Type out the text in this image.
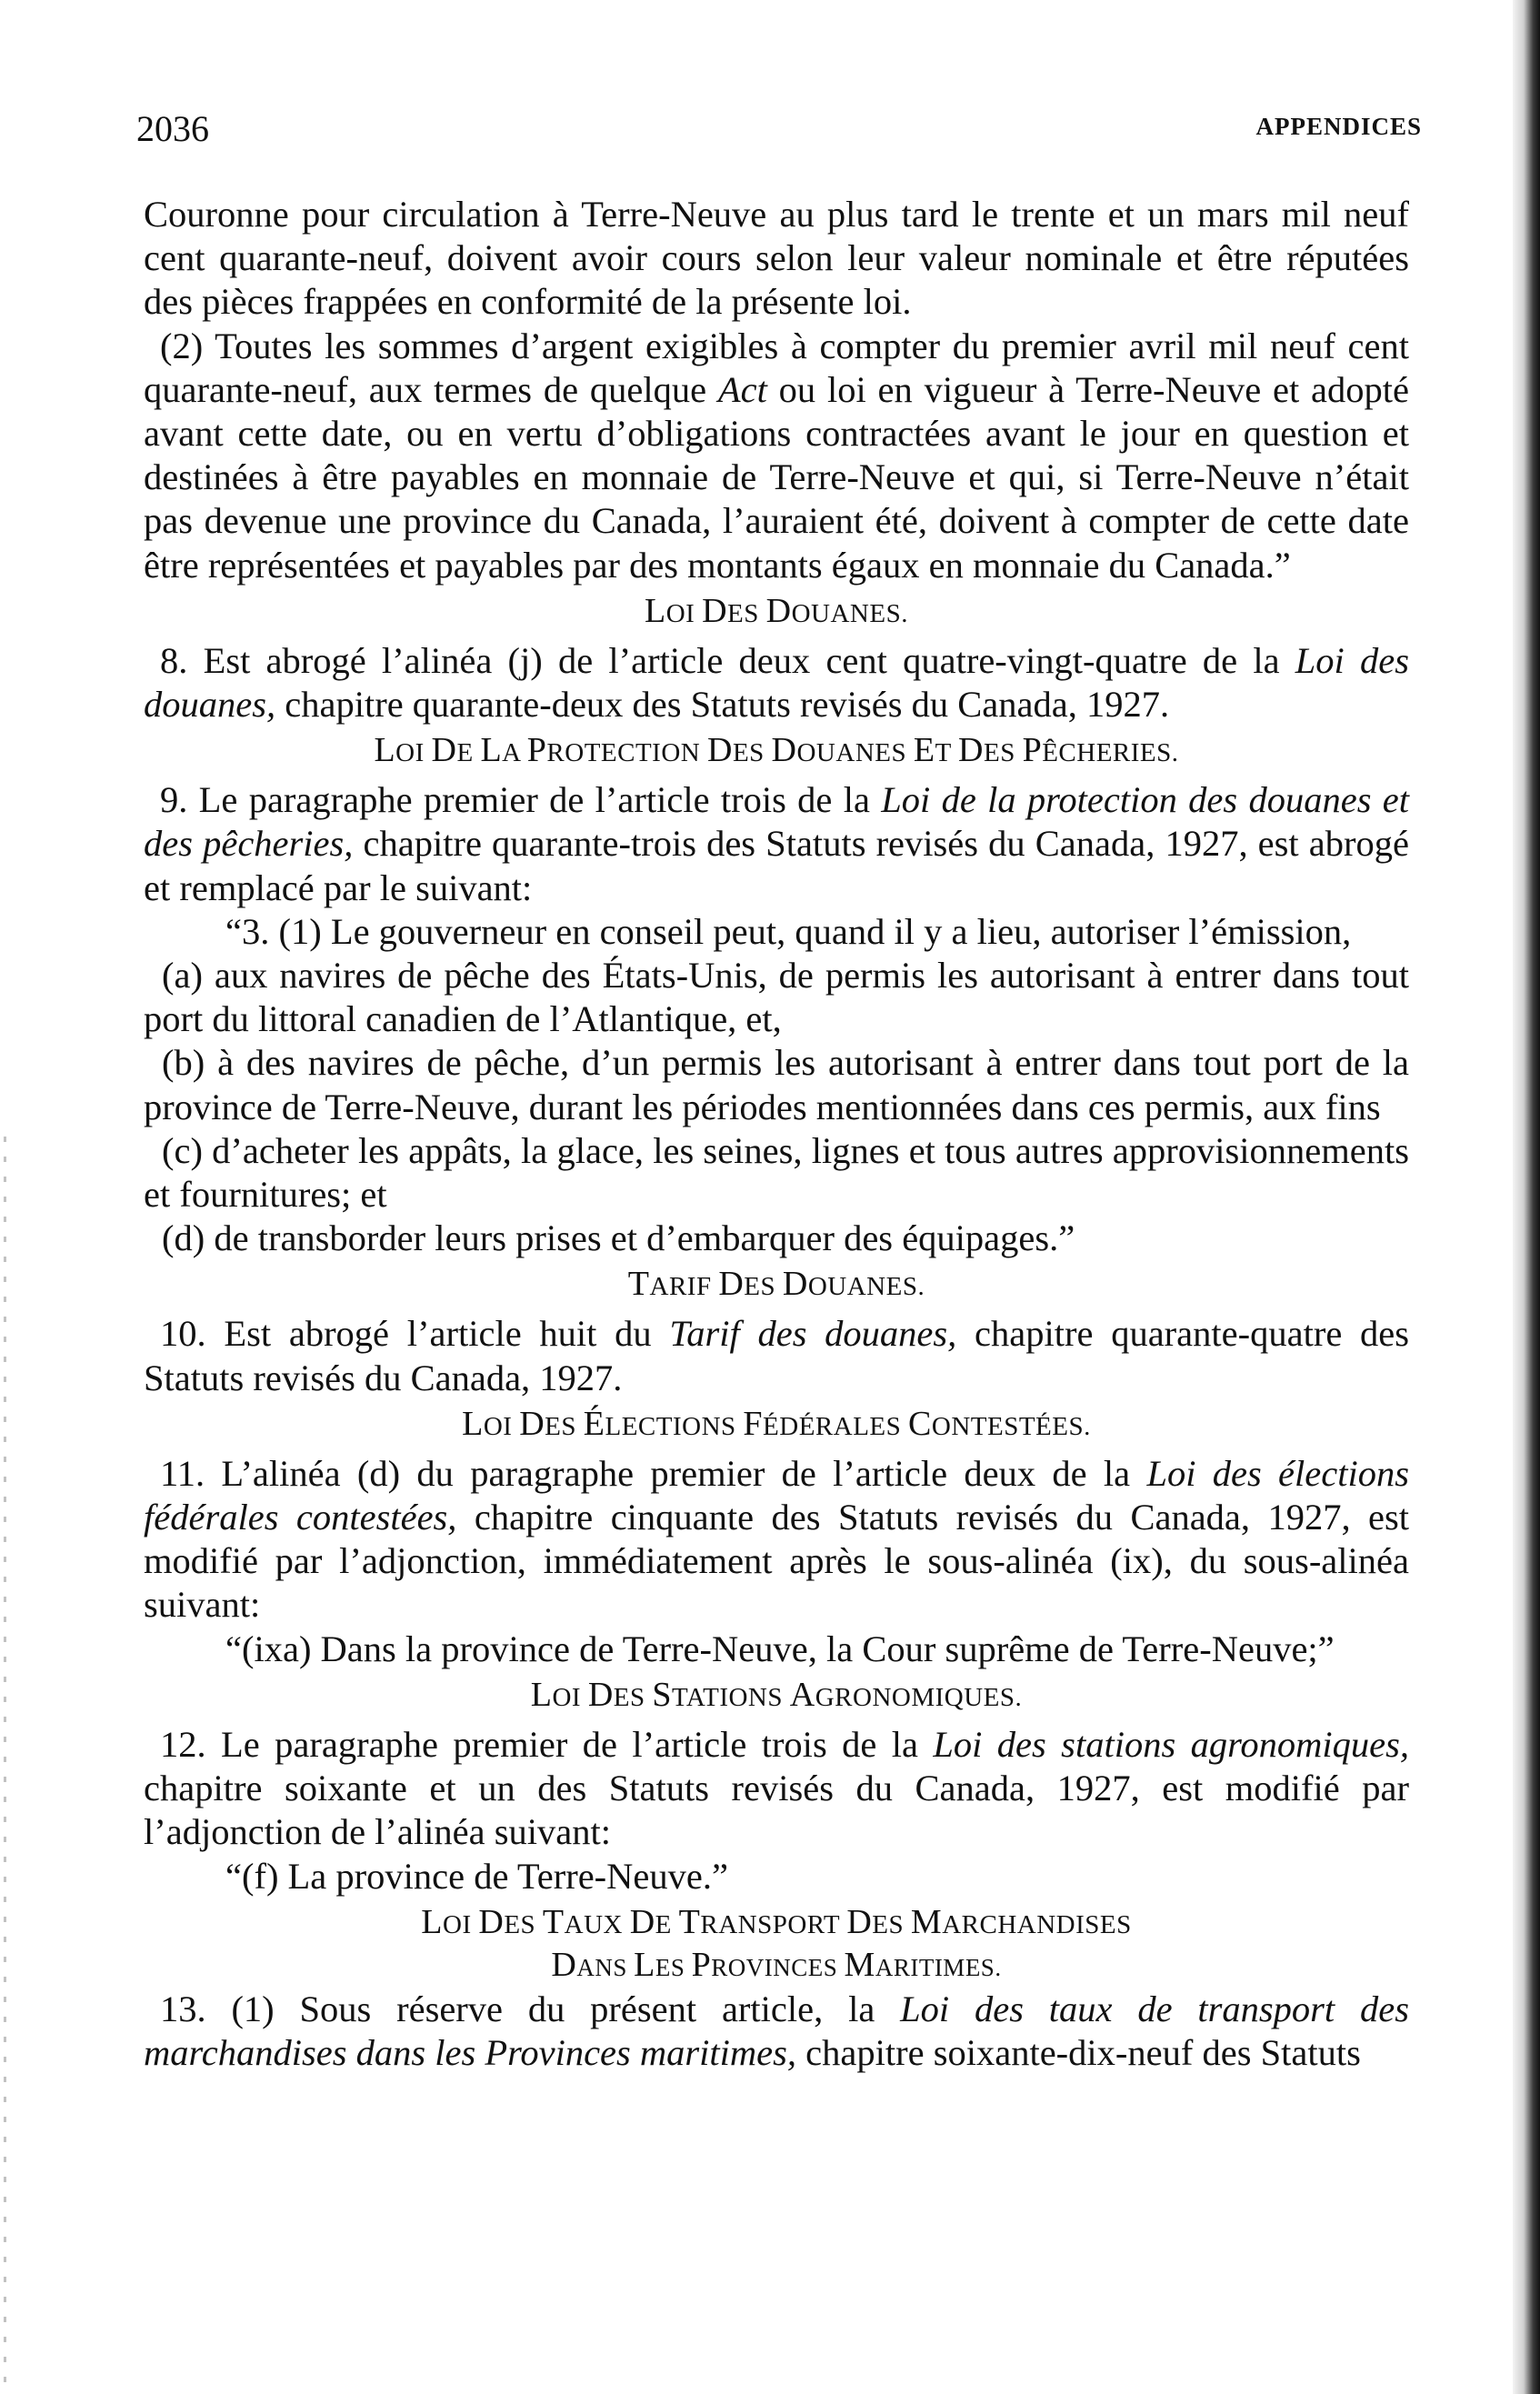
2036	APPENDICES

Couronne pour circulation à Terre-Neuve au plus tard le trente et un mars mil neuf cent quarante-neuf, doivent avoir cours selon leur valeur nominale et être réputées des pièces frappées en conformité de la présente loi.

(2) Toutes les sommes d’argent exigibles à compter du premier avril mil neuf cent quarante-neuf, aux termes de quelque Act ou loi en vigueur à Terre-Neuve et adopté avant cette date, ou en vertu d’obligations contractées avant le jour en question et destinées à être payables en monnaie de Terre-Neuve et qui, si Terre-Neuve n’était pas devenue une province du Canada, l’auraient été, doivent à compter de cette date être représentées et payables par des montants égaux en monnaie du Canada.”

LOI DES DOUANES.

8. Est abrogé l’alinéa (j) de l’article deux cent quatre-vingt-quatre de la Loi des douanes, chapitre quarante-deux des Statuts revisés du Canada, 1927.

LOI DE LA PROTECTION DES DOUANES ET DES PÊCHERIES.

9. Le paragraphe premier de l’article trois de la Loi de la protection des douanes et des pêcheries, chapitre quarante-trois des Statuts revisés du Canada, 1927, est abrogé et remplacé par le suivant:

“3. (1) Le gouverneur en conseil peut, quand il y a lieu, autoriser l’émission,

(a) aux navires de pêche des États-Unis, de permis les autorisant à entrer dans tout port du littoral canadien de l’Atlantique, et,

(b) à des navires de pêche, d’un permis les autorisant à entrer dans tout port de la province de Terre-Neuve, durant les périodes mentionnées dans ces permis, aux fins

(c) d’acheter les appâts, la glace, les seines, lignes et tous autres approvisionnements et fournitures; et

(d) de transborder leurs prises et d’embarquer des équipages.”

TARIF DES DOUANES.

10. Est abrogé l’article huit du Tarif des douanes, chapitre quarante-quatre des Statuts revisés du Canada, 1927.

LOI DES ÉLECTIONS FÉDÉRALES CONTESTÉES.

11. L’alinéa (d) du paragraphe premier de l’article deux de la Loi des élections fédérales contestées, chapitre cinquante des Statuts revisés du Canada, 1927, est modifié par l’adjonction, immédiatement après le sous-alinéa (ix), du sous-alinéa suivant:

“(ixa) Dans la province de Terre-Neuve, la Cour suprême de Terre-Neuve;”

LOI DES STATIONS AGRONOMIQUES.

12. Le paragraphe premier de l’article trois de la Loi des stations agronomiques, chapitre soixante et un des Statuts revisés du Canada, 1927, est modifié par l’adjonction de l’alinéa suivant:

“(f) La province de Terre-Neuve.”

LOI DES TAUX DE TRANSPORT DES MARCHANDISES
DANS LES PROVINCES MARITIMES.

13. (1) Sous réserve du présent article, la Loi des taux de transport des marchandises dans les Provinces maritimes, chapitre soixante-dix-neuf des Statuts
